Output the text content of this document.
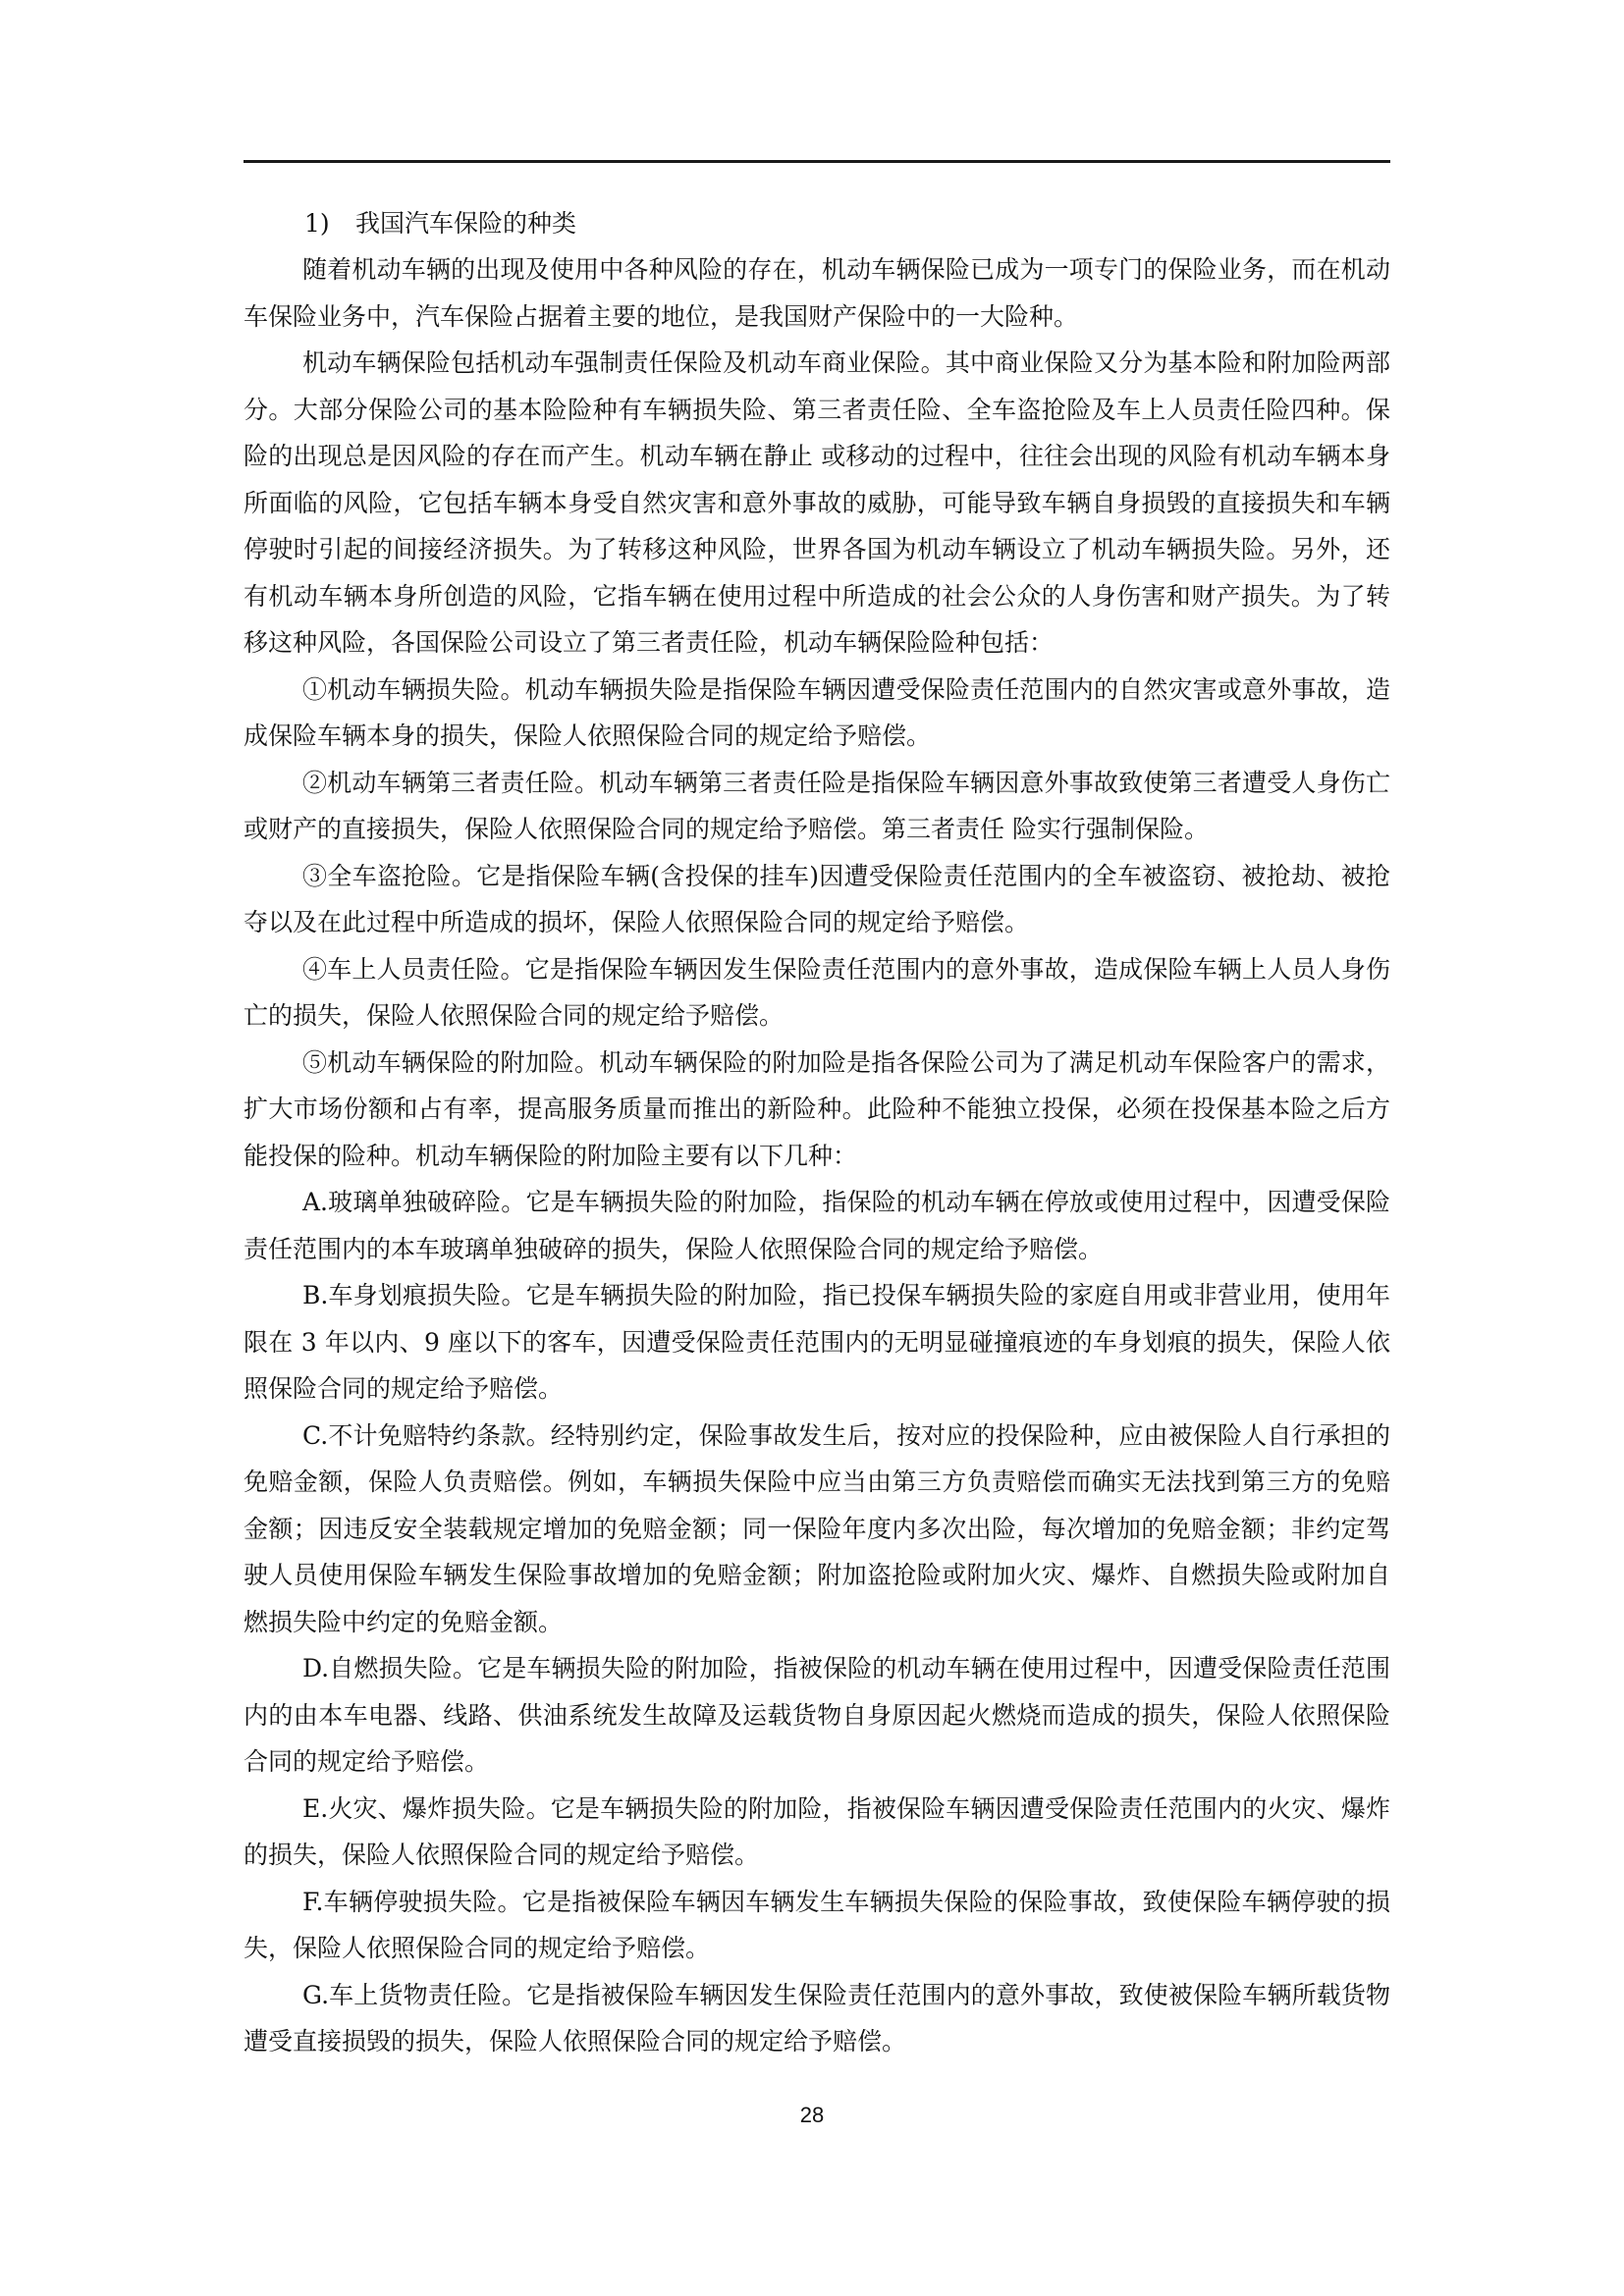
1) 我国汽车保险的种类

随着机动车辆的出现及使用中各种风险的存在，机动车辆保险已成为一项专门的保险业务，而在机动车保险业务中，汽车保险占据着主要的地位，是我国财产保险中的一大险种。

机动车辆保险包括机动车强制责任保险及机动车商业保险。其中商业保险又分为基本险和附加险两部分。大部分保险公司的基本险险种有车辆损失险、第三者责任险、全车盗抢险及车上人员责任险四种。保险的出现总是因风险的存在而产生。机动车辆在静止 或移动的过程中，往往会出现的风险有机动车辆本身所面临的风险，它包括车辆本身受自然灾害和意外事故的威胁，可能导致车辆自身损毁的直接损失和车辆停驶时引起的间接经济损失。为了转移这种风险，世界各国为机动车辆设立了机动车辆损失险。另外，还有机动车辆本身所创造的风险，它指车辆在使用过程中所造成的社会公众的人身伤害和财产损失。为了转移这种风险，各国保险公司设立了第三者责任险，机动车辆保险险种包括：

①机动车辆损失险。机动车辆损失险是指保险车辆因遭受保险责任范围内的自然灾害或意外事故，造成保险车辆本身的损失，保险人依照保险合同的规定给予赔偿。

②机动车辆第三者责任险。机动车辆第三者责任险是指保险车辆因意外事故致使第三者遭受人身伤亡或财产的直接损失，保险人依照保险合同的规定给予赔偿。第三者责任 险实行强制保险。

③全车盗抢险。它是指保险车辆(含投保的挂车)因遭受保险责任范围内的全车被盗窃、被抢劫、被抢夺以及在此过程中所造成的损坏，保险人依照保险合同的规定给予赔偿。

④车上人员责任险。它是指保险车辆因发生保险责任范围内的意外事故，造成保险车辆上人员人身伤亡的损失，保险人依照保险合同的规定给予赔偿。

⑤机动车辆保险的附加险。机动车辆保险的附加险是指各保险公司为了满足机动车保险客户的需求，扩大市场份额和占有率，提高服务质量而推出的新险种。此险种不能独立投保，必须在投保基本险之后方能投保的险种。机动车辆保险的附加险主要有以下几种：

A.玻璃单独破碎险。它是车辆损失险的附加险，指保险的机动车辆在停放或使用过程中，因遭受保险责任范围内的本车玻璃单独破碎的损失，保险人依照保险合同的规定给予赔偿。

B.车身划痕损失险。它是车辆损失险的附加险，指已投保车辆损失险的家庭自用或非营业用，使用年限在 3 年以内、9 座以下的客车，因遭受保险责任范围内的无明显碰撞痕迹的车身划痕的损失，保险人依照保险合同的规定给予赔偿。

C.不计免赔特约条款。经特别约定，保险事故发生后，按对应的投保险种，应由被保险人自行承担的免赔金额，保险人负责赔偿。例如，车辆损失保险中应当由第三方负责赔偿而确实无法找到第三方的免赔金额；因违反安全装载规定增加的免赔金额；同一保险年度内多次出险，每次增加的免赔金额；非约定驾驶人员使用保险车辆发生保险事故增加的免赔金额；附加盗抢险或附加火灾、爆炸、自燃损失险或附加自燃损失险中约定的免赔金额。

D.自燃损失险。它是车辆损失险的附加险，指被保险的机动车辆在使用过程中，因遭受保险责任范围内的由本车电器、线路、供油系统发生故障及运载货物自身原因起火燃烧而造成的损失，保险人依照保险合同的规定给予赔偿。

E.火灾、爆炸损失险。它是车辆损失险的附加险，指被保险车辆因遭受保险责任范围内的火灾、爆炸的损失，保险人依照保险合同的规定给予赔偿。

F.车辆停驶损失险。它是指被保险车辆因车辆发生车辆损失保险的保险事故，致使保险车辆停驶的损失，保险人依照保险合同的规定给予赔偿。

G.车上货物责任险。它是指被保险车辆因发生保险责任范围内的意外事故，致使被保险车辆所载货物遭受直接损毁的损失，保险人依照保险合同的规定给予赔偿。

28
